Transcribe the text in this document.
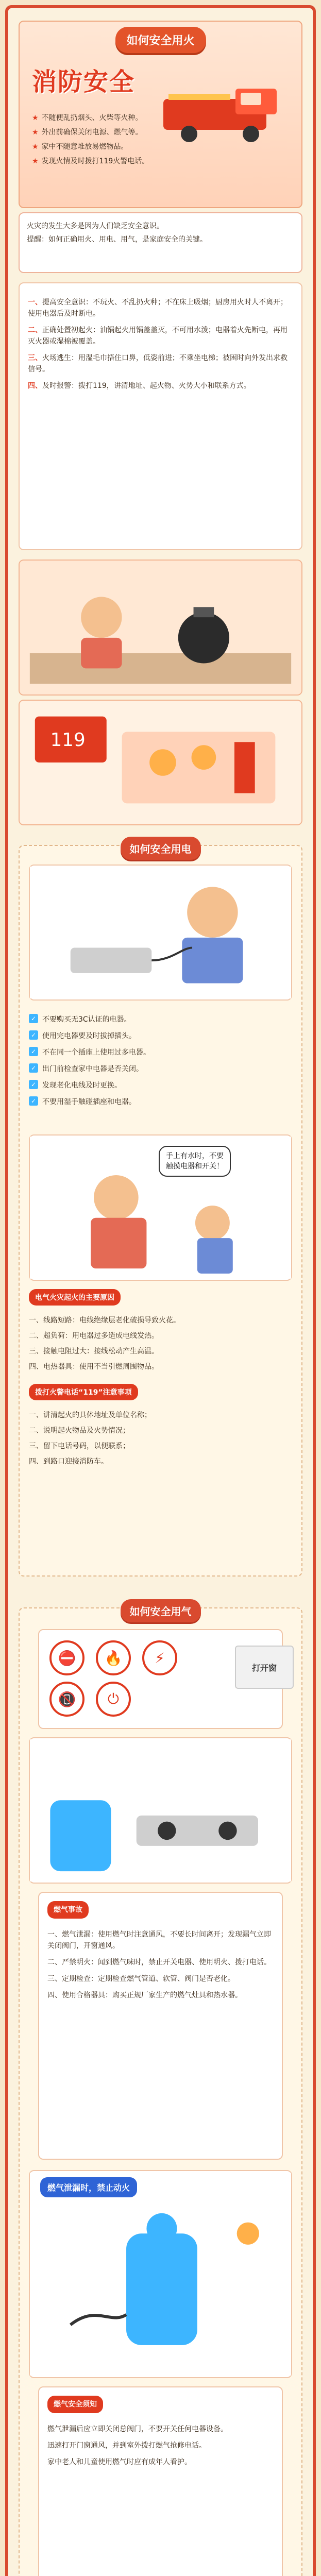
如何安全用火
消防安全
★ 不随便乱扔烟头、火柴等火种。
★ 外出前确保关闭电源、燃气等。
★ 家中不随意堆放易燃物品。
★ 发现火情及时拨打119火警电话。
火灾的发生大多是因为人们缺乏安全意识。
提醒：如何正确用火、用电、用气，是家庭安全的关键。
一、提高安全意识：不玩火、不乱扔火种；不在床上吸烟；厨房用火时人不离开；使用电器后及时断电。
二、正确处置初起火：油锅起火用锅盖盖灭，不可用水泼；电器着火先断电，再用灭火器或湿棉被覆盖。
三、火场逃生：用湿毛巾捂住口鼻，低姿前进；不乘坐电梯；被困时向外发出求救信号。
四、及时报警：拨打119，讲清地址、起火物、火势大小和联系方式。
119
如何安全用电
✓ 不要购买无3C认证的电器。
✓ 使用完电器要及时拔掉插头。
✓ 不在同一个插座上使用过多电器。
✓ 出门前检查家中电器是否关闭。
✓ 发现老化电线及时更换。
✓ 不要用湿手触碰插座和电器。
手上有水时，不要
触摸电器和开关！
电气火灾起火的主要原因
一、线路短路：电线绝缘层老化破损导致火花。
二、超负荷：用电器过多造成电线发热。
三、接触电阻过大：接线松动产生高温。
四、电热器具：使用不当引燃周围物品。
拨打火警电话“119”注意事项
一、讲清起火的具体地址及单位名称；
二、说明起火物品及火势情况；
三、留下电话号码，以便联系；
四、到路口迎接消防车。
如何安全用气
⛔	🔥	⚡
📵	⏻
打开窗
燃气事故
一、燃气泄漏：使用燃气时注意通风，不要长时间离开；发现漏气立即关闭阀门，开窗通风。
二、严禁明火：闻到燃气味时，禁止开关电器、使用明火、拨打电话。
三、定期检查：定期检查燃气管道、软管、阀门是否老化。
四、使用合格器具：购买正规厂家生产的燃气灶具和热水器。
燃气泄漏时，禁止动火
燃气安全须知
燃气泄漏后应立即关闭总阀门，不要开关任何电器设备。
迅速打开门窗通风，并到室外拨打燃气抢修电话。
家中老人和儿童使用燃气时应有成年人看护。
